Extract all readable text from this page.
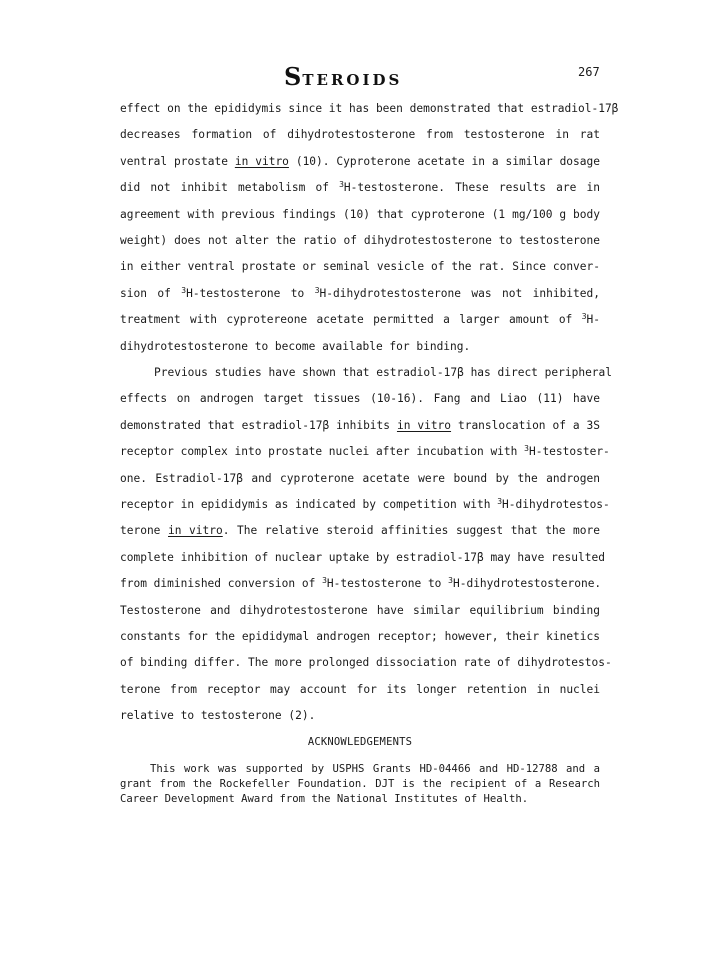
STEROIDS	267
effect on the epididymis since it has been demonstrated that estradiol-17β
decreases formation of dihydrotestosterone from testosterone in rat
ventral prostate in vitro (10). Cyproterone acetate in a similar dosage
did not inhibit metabolism of $^3$H-testosterone. These results are in
agreement with previous findings (10) that cyproterone (1 mg/100 g body
weight) does not alter the ratio of dihydrotestosterone to testosterone
in either ventral prostate or seminal vesicle of the rat. Since conver-
sion of $^3$H-testosterone to $^3$H-dihydrotestosterone was not inhibited,
treatment with cyprotereone acetate permitted a larger amount of $^3$H-
dihydrotestosterone to become available for binding.
Previous studies have shown that estradiol-17β has direct peripheral
effects on androgen target tissues (10-16). Fang and Liao (11) have
demonstrated that estradiol-17β inhibits in vitro translocation of a 3S
receptor complex into prostate nuclei after incubation with $^3$H-testoster-
one. Estradiol-17β and cyproterone acetate were bound by the androgen
receptor in epididymis as indicated by competition with $^3$H-dihydrotestos-
terone in vitro. The relative steroid affinities suggest that the more
complete inhibition of nuclear uptake by estradiol-17β may have resulted
from diminished conversion of $^3$H-testosterone to $^3$H-dihydrotestosterone.
Testosterone and dihydrotestosterone have similar equilibrium binding
constants for the epididymal androgen receptor; however, their kinetics
of binding differ. The more prolonged dissociation rate of dihydrotestos-
terone from receptor may account for its longer retention in nuclei
relative to testosterone (2).
ACKNOWLEDGEMENTS
This work was supported by USPHS Grants HD-04466 and HD-12788 and a
grant from the Rockefeller Foundation. DJT is the recipient of a Research
Career Development Award from the National Institutes of Health.
